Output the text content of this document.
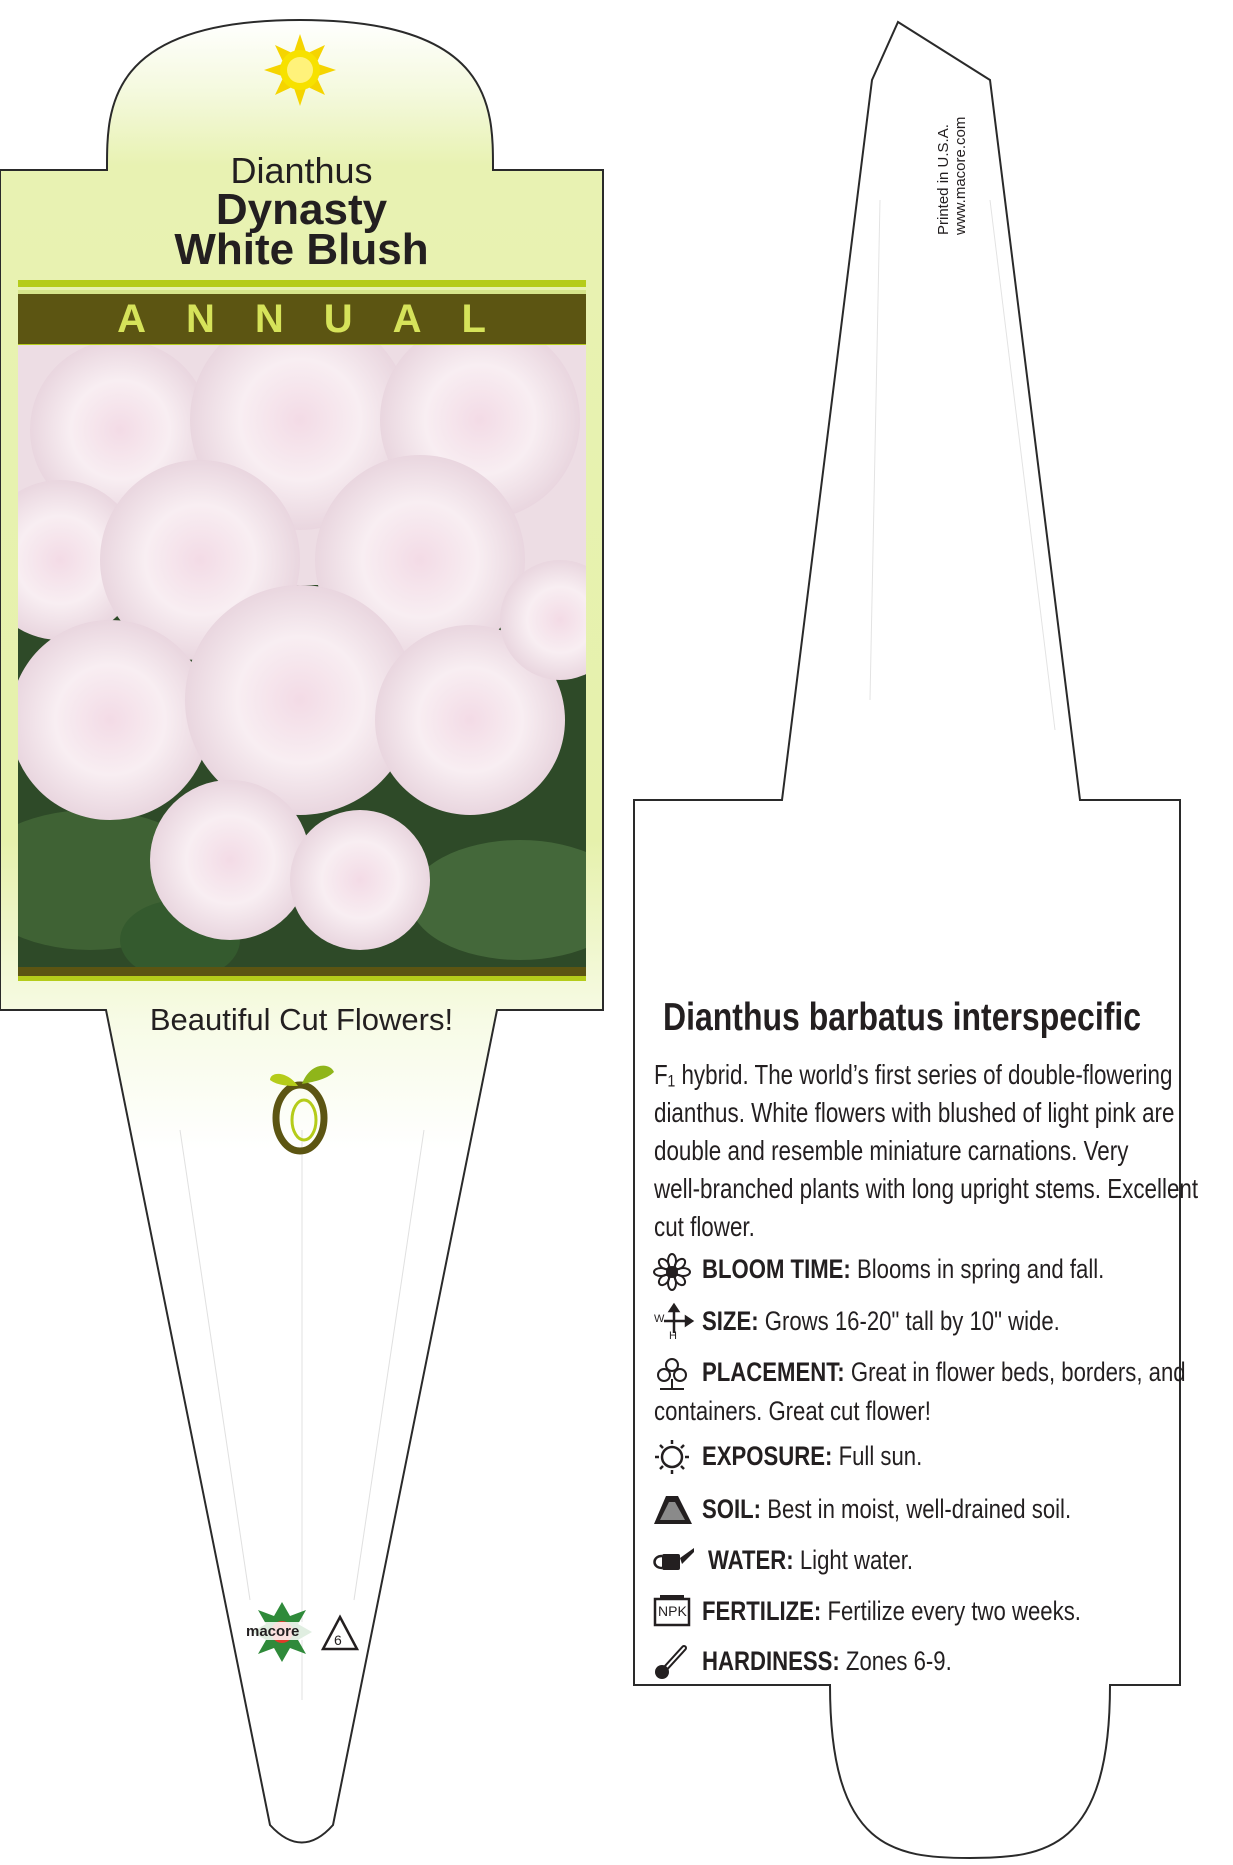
Dianthus
Dynasty
White Blush
ANNUAL
Beautiful Cut Flowers!
macore 6
Printed in U.S.A. www.macore.com
Dianthus barbatus interspecific
F₁ hybrid. The world’s first series of double-flowering
dianthus. White flowers with blushed of light pink are
double and resemble miniature carnations. Very
well-branched plants with long upright stems. Excellent
cut flower.
BLOOM TIME: Blooms in spring and fall.
W
H SIZE: Grows 16-20" tall by 10" wide.
PLACEMENT: Great in flower beds, borders, and
containers. Great cut flower!
EXPOSURE: Full sun.
SOIL: Best in moist, well-drained soil.
WATER: Light water.
NPK FERTILIZE: Fertilize every two weeks.
HARDINESS: Zones 6-9.
